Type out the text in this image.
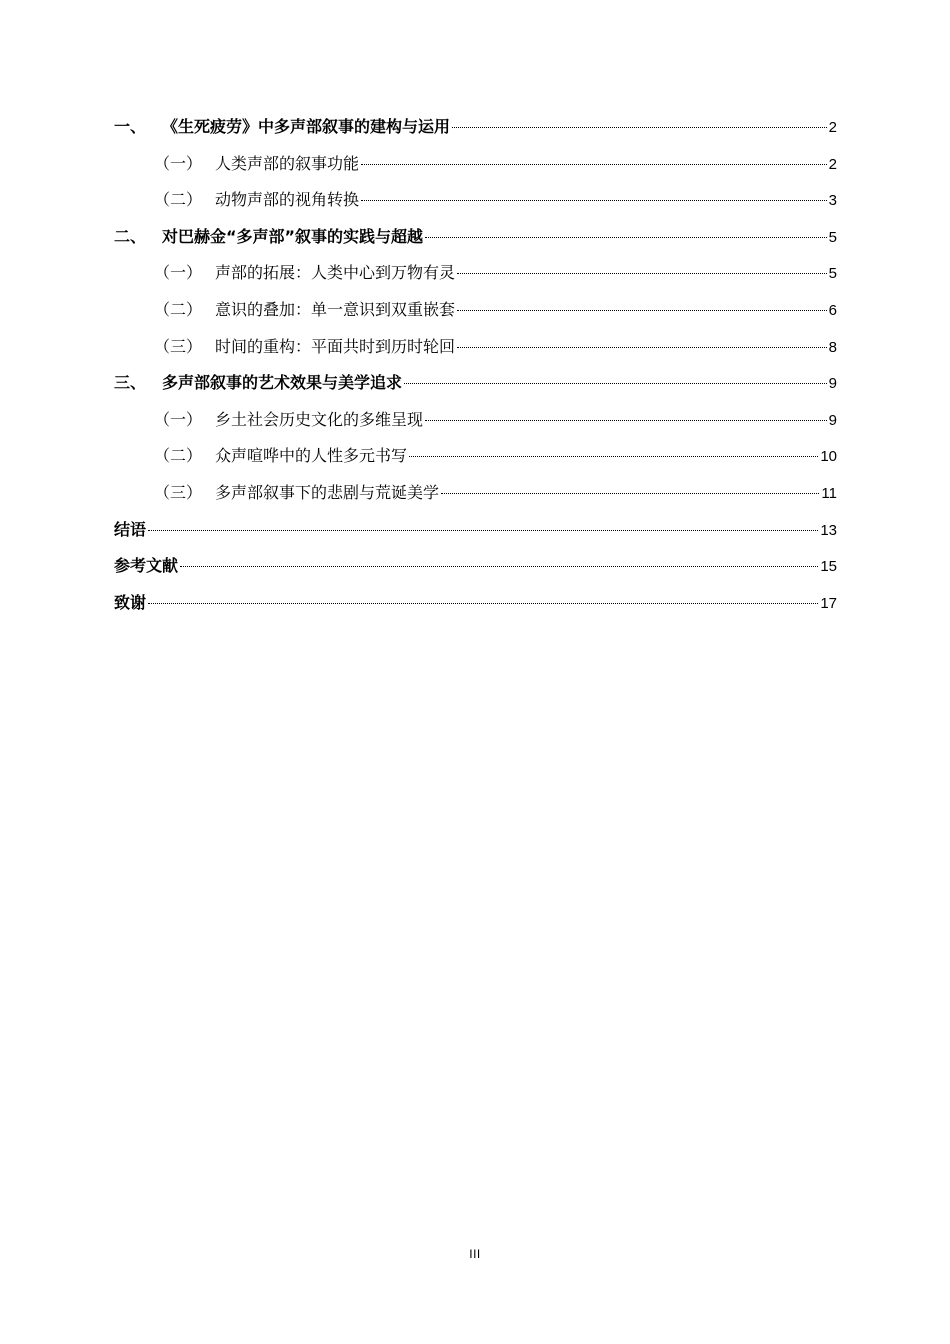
一、 《生死疲劳》中多声部叙事的建构与运用	2
（一） 人类声部的叙事功能	2
（二） 动物声部的视角转换	3
二、 对巴赫金“多声部”叙事的实践与超越	5
（一） 声部的拓展：人类中心到万物有灵	5
（二） 意识的叠加：单一意识到双重嵌套	6
（三） 时间的重构：平面共时到历时轮回	8
三、 多声部叙事的艺术效果与美学追求	9
（一） 乡土社会历史文化的多维呈现	9
（二） 众声喧哗中的人性多元书写	10
（三） 多声部叙事下的悲剧与荒诞美学	11
结语	13
参考文献	15
致谢	17
III
